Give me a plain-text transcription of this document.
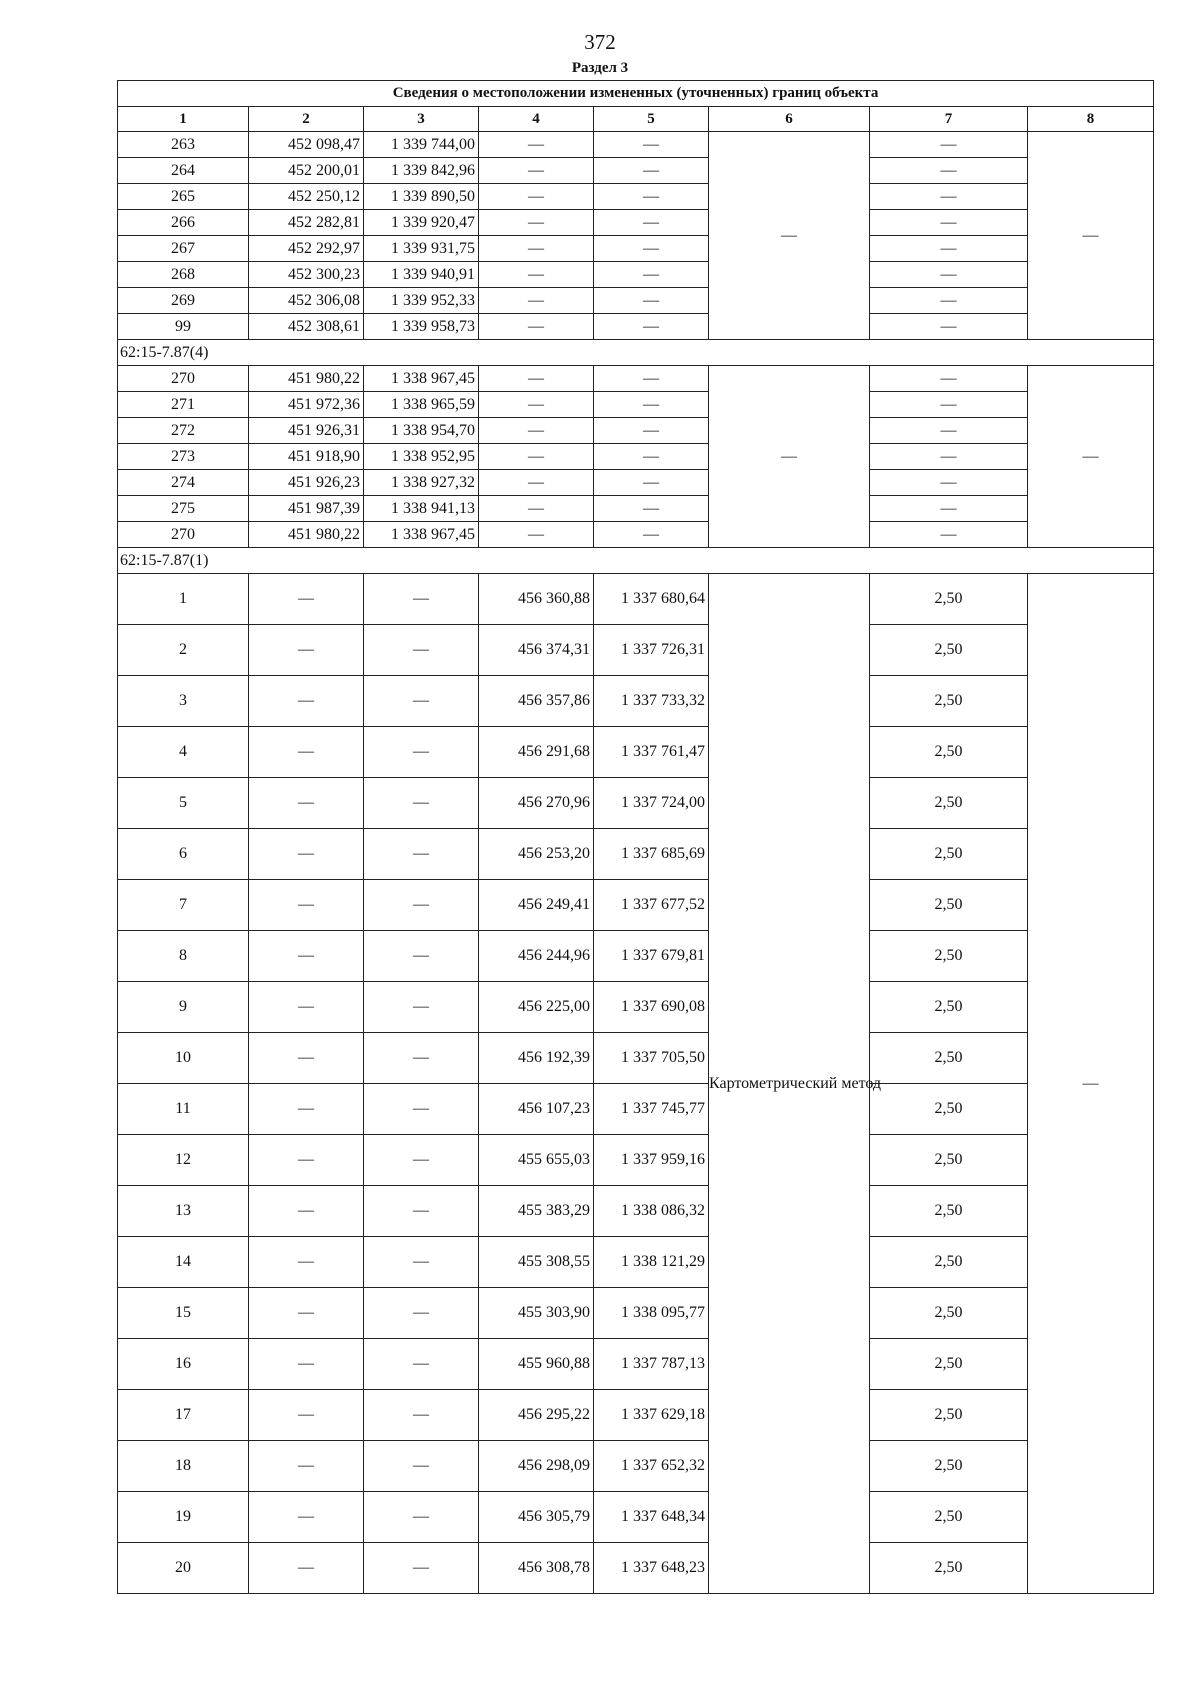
372
Раздел 3
Сведения о местоположении измененных (уточненных) границ объекта							
1	2	3	4	5	6	7	8
263	452 098,47	1 339 744,00	—	—	—	—	—
264	452 200,01	1 339 842,96	—	—		—	
265	452 250,12	1 339 890,50	—	—		—	
266	452 282,81	1 339 920,47	—	—		—	
267	452 292,97	1 339 931,75	—	—		—	
268	452 300,23	1 339 940,91	—	—		—	
269	452 306,08	1 339 952,33	—	—		—	
99	452 308,61	1 339 958,73	—	—		—	
62:15-7.87(4)							
270	451 980,22	1 338 967,45	—	—	—	—	—
271	451 972,36	1 338 965,59	—	—		—	
272	451 926,31	1 338 954,70	—	—		—	
273	451 918,90	1 338 952,95	—	—		—	
274	451 926,23	1 338 927,32	—	—		—	
275	451 987,39	1 338 941,13	—	—		—	
270	451 980,22	1 338 967,45	—	—		—	
62:15-7.87(1)							
1	—	—	456 360,88	1 337 680,64	Картометрический метод	2,50	—
2	—	—	456 374,31	1 337 726,31		2,50	
3	—	—	456 357,86	1 337 733,32		2,50	
4	—	—	456 291,68	1 337 761,47		2,50	
5	—	—	456 270,96	1 337 724,00		2,50	
6	—	—	456 253,20	1 337 685,69		2,50	
7	—	—	456 249,41	1 337 677,52		2,50	
8	—	—	456 244,96	1 337 679,81		2,50	
9	—	—	456 225,00	1 337 690,08		2,50	
10	—	—	456 192,39	1 337 705,50		2,50	
11	—	—	456 107,23	1 337 745,77		2,50	
12	—	—	455 655,03	1 337 959,16		2,50	
13	—	—	455 383,29	1 338 086,32		2,50	
14	—	—	455 308,55	1 338 121,29		2,50	
15	—	—	455 303,90	1 338 095,77		2,50	
16	—	—	455 960,88	1 337 787,13		2,50	
17	—	—	456 295,22	1 337 629,18		2,50	
18	—	—	456 298,09	1 337 652,32		2,50	
19	—	—	456 305,79	1 337 648,34		2,50	
20	—	—	456 308,78	1 337 648,23		2,50	
